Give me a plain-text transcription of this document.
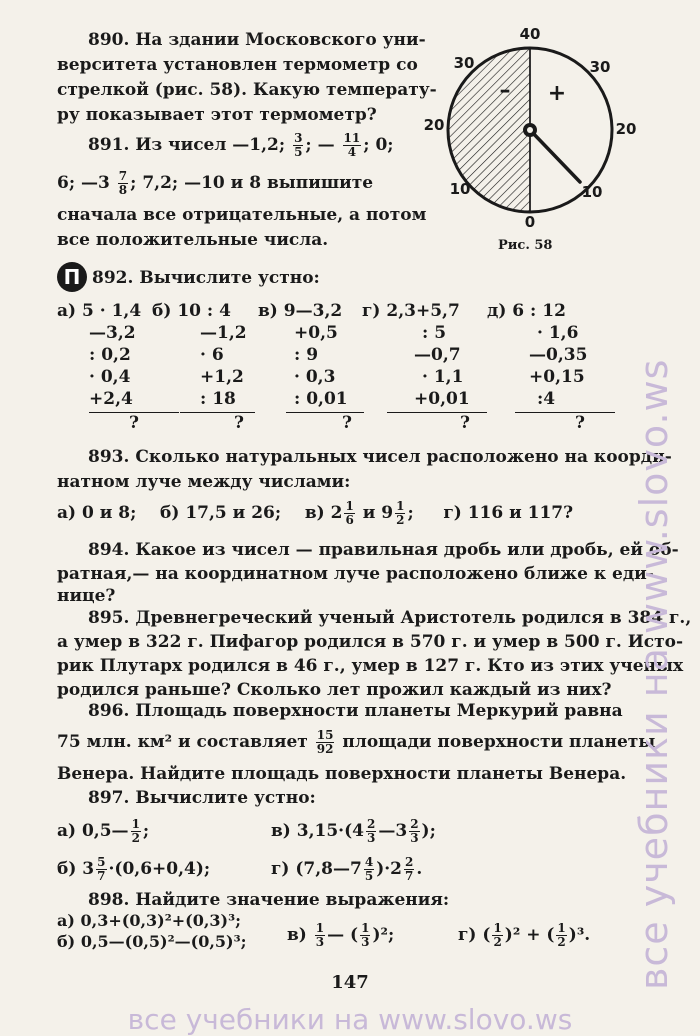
890. На здании Московского уни-
верситета установлен термометр со
стрелкой (рис. 58). Какую температу-
ру показывает этот термометр?
891. Из чисел —1,2; $\frac{3}{5}$ ; — $\frac{11}{4}$ ; 0;
6; —3 $\frac{7}{8}$ ; 7,2; —10 и 8 выпишите
сначала все отрицательные, а потом
все положительные числа.
40
30	30
20	20
10	10
0
– +
Рис. 58
П 892. Вычислите устно:
а) 5 · 1,4
—3,2
: 0,2
· 0,4
+2,4
?
б) 10 : 4
—1,2
· 6
+1,2
: 18
?
в) 9—3,2
+0,5
: 9
· 0,3
: 0,01
?
г) 2,3+5,7
: 5
—0,7
· 1,1
+0,01
?
д) 6 : 12
· 1,6
—0,35
+0,15
:4
?
893. Сколько натуральных чисел расположено на коорди-
натном луче между числами:
а) 0 и 8; б) 17,5 и 26; в) $2 \frac{1}{6}$ и $9 \frac{1}{2}$ ; г) 116 и 117?
894. Какое из чисел — правильная дробь или дробь, ей об-
ратная,— на координатном луче расположено ближе к еди-
нице?
895. Древнегреческий ученый Аристотель родился в 384 г.,
а умер в 322 г. Пифагор родился в 570 г. и умер в 500 г. Исто-
рик Плутарх родился в 46 г., умер в 127 г. Кто из этих ученых
родился раньше? Сколько лет прожил каждый из них?
896. Площадь поверхности планеты Меркурий равна
75 млн. км² и составляет $\frac{15}{92}$ площади поверхности планеты
Венера. Найдите площадь поверхности планеты Венера.
897. Вычислите устно:
а) 0,5— $\frac{1}{2}$ ;	в) $3,15\cdot(4 \frac{2}{3}$ —3 $\frac{2}{3}$ );
б) $3 \frac{5}{7} \cdot(0,6+0,4)$;	г) (7,8—7 $\frac{4}{5} )\cdot 2 \frac{2}{7}$ .
898. Найдите значение выражения:
а) 0,3+(0,3)²+(0,3)³;
б) 0,5—(0,5)²—(0,5)³; $в) \frac{1}{3}$ — ( $\frac{1}{3} )^2$;	г) ( $\frac{1}{2} )^2$ + ( $\frac{1}{2} )^3$.
147	все учебники на www.slovo.ws
все учебники на www.slovo.ws
